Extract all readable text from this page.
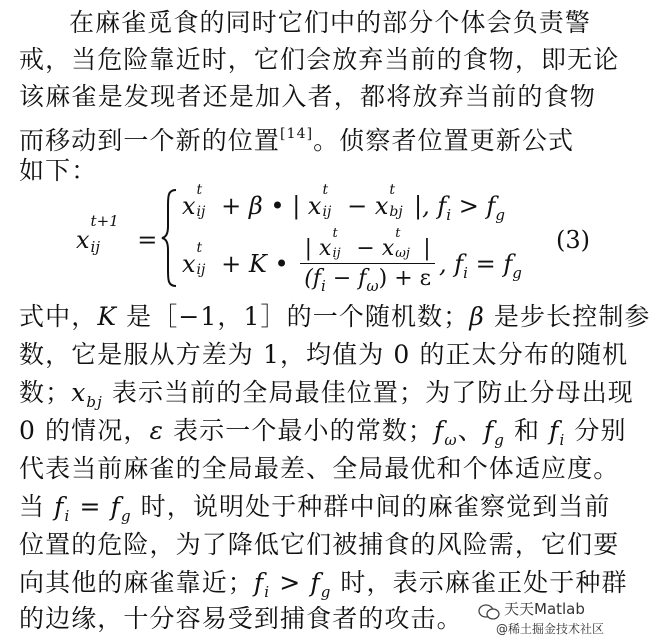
在麻雀觅食的同时它们中的部分个体会负责警
戒，当危险靠近时，它们会放弃当前的食物，即无论
该麻雀是发现者还是加入者，都将放弃当前的食物
而移动到一个新的位置[14]。侦察者位置更新公式
如下：
x
t+1
ij =
x
t
ij + β • | x
t
ij − x
t
bj |, $f_i > f_g$
x
t
ij + K • | x
t
ij − x
t
ωj |
$(f_i - f_\omega) + \varepsilon$ , $f_i = f_g$
(3)
式中，K 是［−1，1］的一个随机数；β 是步长控制参
数，它是服从方差为 1，均值为 0 的正太分布的随机
数；$x_{bj}$ 表示当前的全局最佳位置；为了防止分母出现
0 的情况，ε 表示一个最小的常数；$f_\omega$、$f_g$ 和 $f_i$ 分别
代表当前麻雀的全局最差、全局最优和个体适应度。
当 $f_i = f_g$ 时，说明处于种群中间的麻雀察觉到当前
位置的危险，为了降低它们被捕食的风险需，它们要
向其他的麻雀靠近；$f_i > f_g$ 时，表示麻雀正处于种群
的边缘，十分容易受到捕食者的攻击。	天天Matlab
@稀土掘金技术社区
